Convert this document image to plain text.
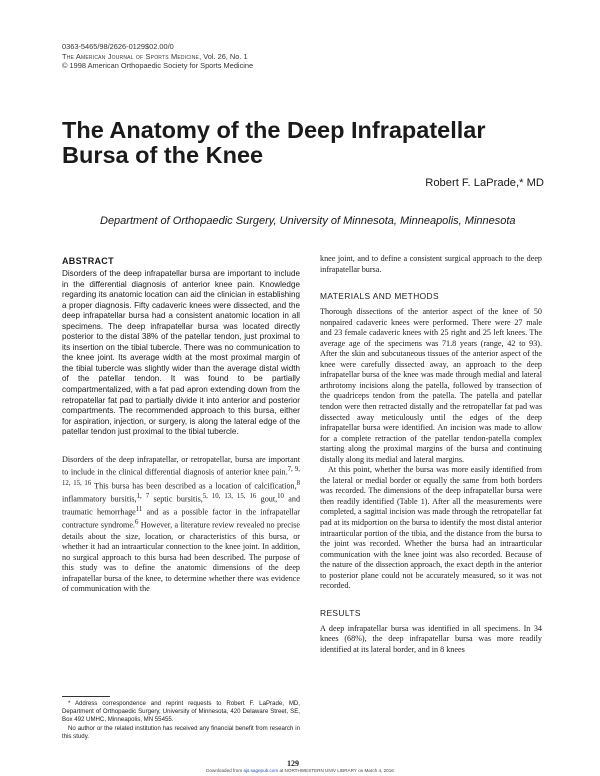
0363-5465/98/2626-0129$02.00/0
The American Journal of Sports Medicine, Vol. 26, No. 1
© 1998 American Orthopaedic Society for Sports Medicine
The Anatomy of the Deep Infrapatellar Bursa of the Knee
Robert F. LaPrade,* MD
Department of Orthopaedic Surgery, University of Minnesota, Minneapolis, Minnesota
ABSTRACT

Disorders of the deep infrapatellar bursa are important to include in the differential diagnosis of anterior knee pain. Knowledge regarding its anatomic location can aid the clinician in establishing a proper diagnosis. Fifty cadaveric knees were dissected, and the deep infrapatellar bursa had a consistent anatomic location in all specimens. The deep infrapatellar bursa was located directly posterior to the distal 38% of the patellar tendon, just proximal to its insertion on the tibial tubercle. There was no communication to the knee joint. Its average width at the most proximal margin of the tibial tubercle was slightly wider than the average distal width of the patellar tendon. It was found to be partially compartmentalized, with a fat pad apron extending down from the retropatellar fat pad to partially divide it into anterior and posterior compartments. The recommended approach to this bursa, either for aspiration, injection, or surgery, is along the lateral edge of the patellar tendon just proximal to the tibial tubercle.

Disorders of the deep infrapatellar, or retropatellar, bursa are important to include in the clinical differential diagnosis of anterior knee pain.$^{7, 9, 12, 15, 16}$ This bursa has been described as a location of calcification,$^8$ inflammatory bursitis,$^{1, 7}$ septic bursitis,$^{5, 10, 13, 15, 16}$ gout,$^{10}$ and traumatic hemorrhage$^{11}$ and as a possible factor in the infrapatellar contracture syndrome.$^6$ However, a literature review revealed no precise details about the size, location, or characteristics of this bursa, or whether it had an intraarticular connection to the knee joint. In addition, no surgical approach to this bursa had been described. The purpose of this study was to define the anatomic dimensions of the deep infrapatellar bursa of the knee, to determine whether there was evidence of communication with the

knee joint, and to define a consistent surgical approach to the deep infrapatellar bursa.

MATERIALS AND METHODS

Thorough dissections of the anterior aspect of the knee of 50 nonpaired cadaveric knees were performed. There were 27 male and 23 female cadaveric knees with 25 right and 25 left knees. The average age of the specimens was 71.8 years (range, 42 to 93). After the skin and subcutaneous tissues of the anterior aspect of the knee were carefully dissected away, an approach to the deep infrapatellar bursa of the knee was made through medial and lateral arthrotomy incisions along the patella, followed by transection of the quadriceps tendon from the patella. The patella and patellar tendon were then retracted distally and the retropatellar fat pad was dissected away meticulously until the edges of the deep infrapatellar bursa were identified. An incision was made to allow for a complete retraction of the patellar tendon-patella complex starting along the proximal margins of the bursa and continuing distally along its medial and lateral margins.

At this point, whether the bursa was more easily identified from the lateral or medial border or equally the same from both borders was recorded. The dimensions of the deep infrapatellar bursa were then readily identified (Table 1). After all the measurements were completed, a sagittal incision was made through the retropatellar fat pad at its midportion on the bursa to identify the most distal anterior intraarticular portion of the tibia, and the distance from the bursa to the joint was recorded. Whether the bursa had an intraarticular communication with the knee joint was also recorded. Because of the nature of the dissection approach, the exact depth in the anterior to posterior plane could not be accurately measured, so it was not recorded.

RESULTS

A deep infrapatellar bursa was identified in all specimens. In 34 knees (68%), the deep infrapatellar bursa was more readily identified at its lateral border, and in 8 knees

* Address correspondence and reprint requests to Robert F. LaPrade, MD, Department of Orthopaedic Surgery, University of Minnesota, 420 Delaware Street, SE, Box 492 UMHC, Minneapolis, MN 55455.

No author or the related institution has received any financial benefit from research in this study.

129
Downloaded from ajs.sagepub.com at NORTHWESTERN UNIV LIBRARY on March 4, 2016
